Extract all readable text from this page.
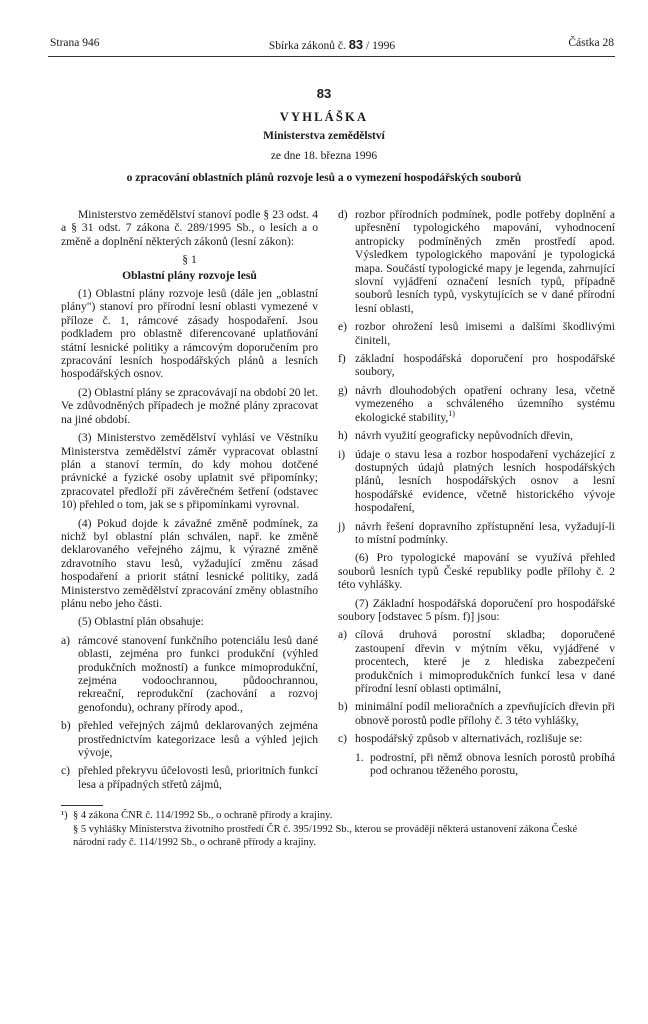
Strana 946	Sbírka zákonů č. 83 / 1996	Částka 28
83
VYHLÁŠKA
Ministerstva zemědělství
ze dne 18. března 1996
o zpracování oblastních plánů rozvoje lesů a o vymezení hospodářských souborů

Ministerstvo zemědělství stanoví podle § 23 odst. 4 a § 31 odst. 7 zákona č. 289/1995 Sb., o lesích a o změně a doplnění některých zákonů (lesní zákon):

§ 1
Oblastní plány rozvoje lesů

(1) Oblastní plány rozvoje lesů (dále jen „oblastní plány") stanoví pro přírodní lesní oblasti vymezené v příloze č. 1, rámcové zásady hospodaření. Jsou podkladem pro oblastně diferencované uplatňování státní lesnické politiky a rámcovým doporučením pro zpracování lesních hospodářských plánů a lesních hospodářských osnov.

(2) Oblastní plány se zpracovávají na období 20 let. Ve zdůvodněných případech je možné plány zpracovat na jiné období.

(3) Ministerstvo zemědělství vyhlásí ve Věstníku Ministerstva zemědělství záměr vypracovat oblastní plán a stanoví termín, do kdy mohou dotčené právnické a fyzické osoby uplatnit své připomínky; zpracovatel předloží při závěrečném šetření (odstavec 10) přehled o tom, jak se s připomínkami vyrovnal.

(4) Pokud dojde k závažné změně podmínek, za nichž byl oblastní plán schválen, např. ke změně deklarovaného veřejného zájmu, k výrazné změně zdravotního stavu lesů, vyžadující změnu zásad hospodaření a priorit státní lesnické politiky, zadá Ministerstvo zemědělství zpracování změny oblastního plánu nebo jeho části.

(5) Oblastní plán obsahuje:

a) rámcové stanovení funkčního potenciálu lesů dané oblasti, zejména pro funkci produkční (výhled produkčních možností) a funkce mimoprodukční, zejména vodoochrannou, půdoochrannou, rekreační, reprodukční (zachování a rozvoj genofondu), ochrany přírody apod.,
b) přehled veřejných zájmů deklarovaných zejména prostřednictvím kategorizace lesů a výhled jejich vývoje,
c) přehled překryvu účelovosti lesů, prioritních funkcí lesa a případných střetů zájmů,
d) rozbor přírodních podmínek, podle potřeby doplnění a upřesnění typologického mapování, vyhodnocení antropicky podmíněných změn prostředí apod. Výsledkem typologického mapování je typologická mapa. Součástí typologické mapy je legenda, zahrnující slovní vyjádření označení lesních typů, případně souborů lesních typů, vyskytujících se v dané přírodní lesní oblasti,
e) rozbor ohrožení lesů imisemi a dalšími škodlivými činiteli,
f) základní hospodářská doporučení pro hospodářské soubory,
g) návrh dlouhodobých opatření ochrany lesa, včetně vymezeného a schváleného územního systému ekologické stability,$^{1)}$
h) návrh využití geograficky nepůvodních dřevin,
i) údaje o stavu lesa a rozbor hospodaření vycházející z dostupných údajů platných lesních hospodářských plánů, lesních hospodářských osnov a lesní hospodářské evidence, včetně historického vývoje hospodaření,
j) návrh řešení dopravního zpřístupnění lesa, vyžadují-li to místní podmínky.

(6) Pro typologické mapování se využívá přehled souborů lesních typů České republiky podle přílohy č. 2 této vyhlášky.

(7) Základní hospodářská doporučení pro hospodářské soubory [odstavec 5 písm. f)] jsou:

a) cílová druhová porostní skladba; doporučené zastoupení dřevin v mýtním věku, vyjádřené v procentech, které je z hlediska zabezpečení produkčních i mimoprodukčních funkcí lesa v dané přírodní lesní oblasti optimální,
b) minimální podíl melioračních a zpevňujících dřevin při obnově porostů podle přílohy č. 3 této vyhlášky,
c) hospodářský způsob v alternativách, rozlišuje se:
1. podrostní, při němž obnova lesních porostů probíhá pod ochranou těženého porostu,
¹) § 4 zákona ČNR č. 114/1992 Sb., o ochraně přírody a krajiny.
§ 5 vyhlášky Ministerstva životního prostředí ČR č. 395/1992 Sb., kterou se provádějí některá ustanovení zákona České národní rady č. 114/1992 Sb., o ochraně přírody a krajiny.
